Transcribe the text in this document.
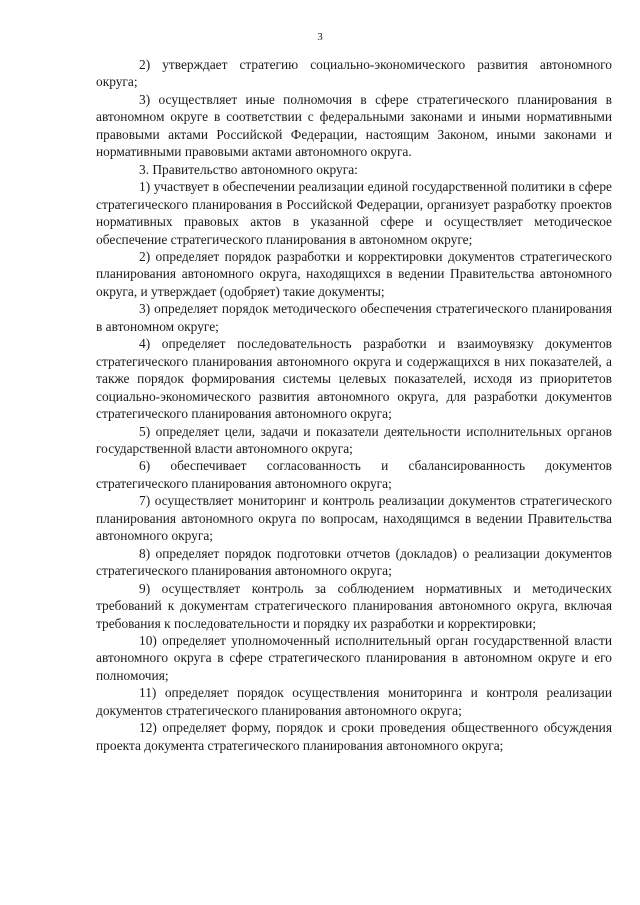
3

2) утверждает стратегию социально-экономического развития автономного округа;

3) осуществляет иные полномочия в сфере стратегического планирования в автономном округе в соответствии с федеральными законами и иными нормативными правовыми актами Российской Федерации, настоящим Законом, иными законами и нормативными правовыми актами автономного округа.

3. Правительство автономного округа:

1) участвует в обеспечении реализации единой государственной политики в сфере стратегического планирования в Российской Федерации, организует разработку проектов нормативных правовых актов в указанной сфере и осуществляет методическое обеспечение стратегического планирования в автономном округе;

2) определяет порядок разработки и корректировки документов стратегического планирования автономного округа, находящихся в ведении Правительства автономного округа, и утверждает (одобряет) такие документы;

3) определяет порядок методического обеспечения стратегического планирования в автономном округе;

4) определяет последовательность разработки и взаимоувязку документов стратегического планирования автономного округа и содержащихся в них показателей, а также порядок формирования системы целевых показателей, исходя из приоритетов социально-экономического развития автономного округа, для разработки документов стратегического планирования автономного округа;

5) определяет цели, задачи и показатели деятельности исполнительных органов государственной власти автономного округа;

6) обеспечивает согласованность и сбалансированность документов стратегического планирования автономного округа;

7) осуществляет мониторинг и контроль реализации документов стратегического планирования автономного округа по вопросам, находящимся в ведении Правительства автономного округа;

8) определяет порядок подготовки отчетов (докладов) о реализации документов стратегического планирования автономного округа;

9) осуществляет контроль за соблюдением нормативных и методических требований к документам стратегического планирования автономного округа, включая требования к последовательности и порядку их разработки и корректировки;

10) определяет уполномоченный исполнительный орган государственной власти автономного округа в сфере стратегического планирования в автономном округе и его полномочия;

11) определяет порядок осуществления мониторинга и контроля реализации документов стратегического планирования автономного округа;

12) определяет форму, порядок и сроки проведения общественного обсуждения проекта документа стратегического планирования автономного округа;
